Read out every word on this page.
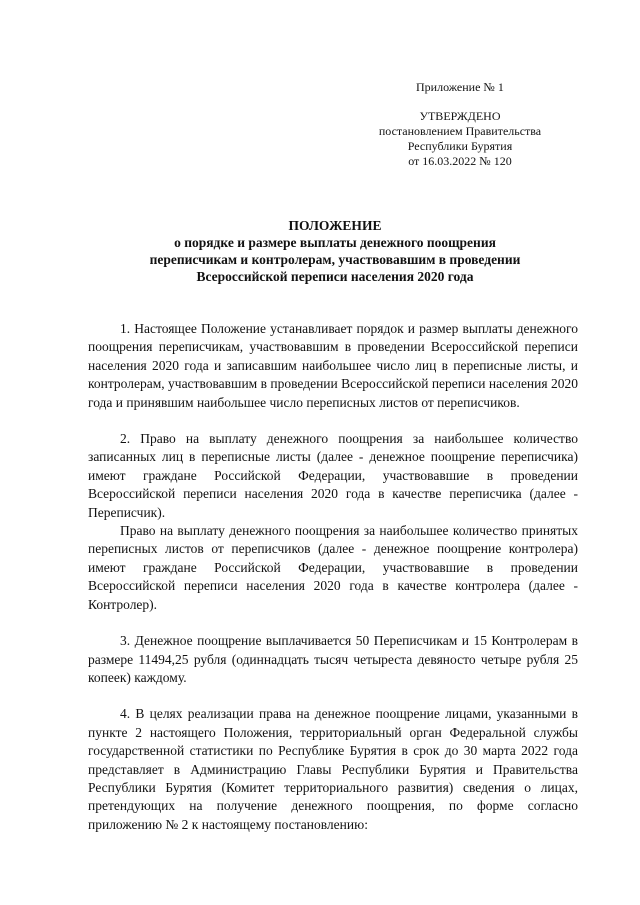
Приложение № 1
УТВЕРЖДЕНО
постановлением Правительства
Республики Бурятия
от 16.03.2022 № 120
ПОЛОЖЕНИЕ
о порядке и размере выплаты денежного поощрения
переписчикам и контролерам, участвовавшим в проведении
Всероссийской переписи населения 2020 года

1. Настоящее Положение устанавливает порядок и размер выплаты денежного поощрения переписчикам, участвовавшим в проведении Всероссийской переписи населения 2020 года и записавшим наибольшее число лиц в переписные листы, и контролерам, участвовавшим в проведении Всероссийской переписи населения 2020 года и принявшим наибольшее число переписных листов от переписчиков.

2. Право на выплату денежного поощрения за наибольшее количество записанных лиц в переписные листы (далее - денежное поощрение переписчика) имеют граждане Российской Федерации, участвовавшие в проведении Всероссийской переписи населения 2020 года в качестве переписчика (далее - Переписчик).

Право на выплату денежного поощрения за наибольшее количество принятых переписных листов от переписчиков (далее - денежное поощрение контролера) имеют граждане Российской Федерации, участвовавшие в проведении Всероссийской переписи населения 2020 года в качестве контролера (далее - Контролер).

3. Денежное поощрение выплачивается 50 Переписчикам и 15 Контролерам в размере 11494,25 рубля (одиннадцать тысяч четыреста девяносто четыре рубля 25 копеек) каждому.

4. В целях реализации права на денежное поощрение лицами, указанными в пункте 2 настоящего Положения, территориальный орган Федеральной службы государственной статистики по Республике Бурятия в срок до 30 марта 2022 года представляет в Администрацию Главы Республики Бурятия и Правительства Республики Бурятия (Комитет территориального развития) сведения о лицах, претендующих на получение денежного поощрения, по форме согласно приложению № 2 к настоящему постановлению:
